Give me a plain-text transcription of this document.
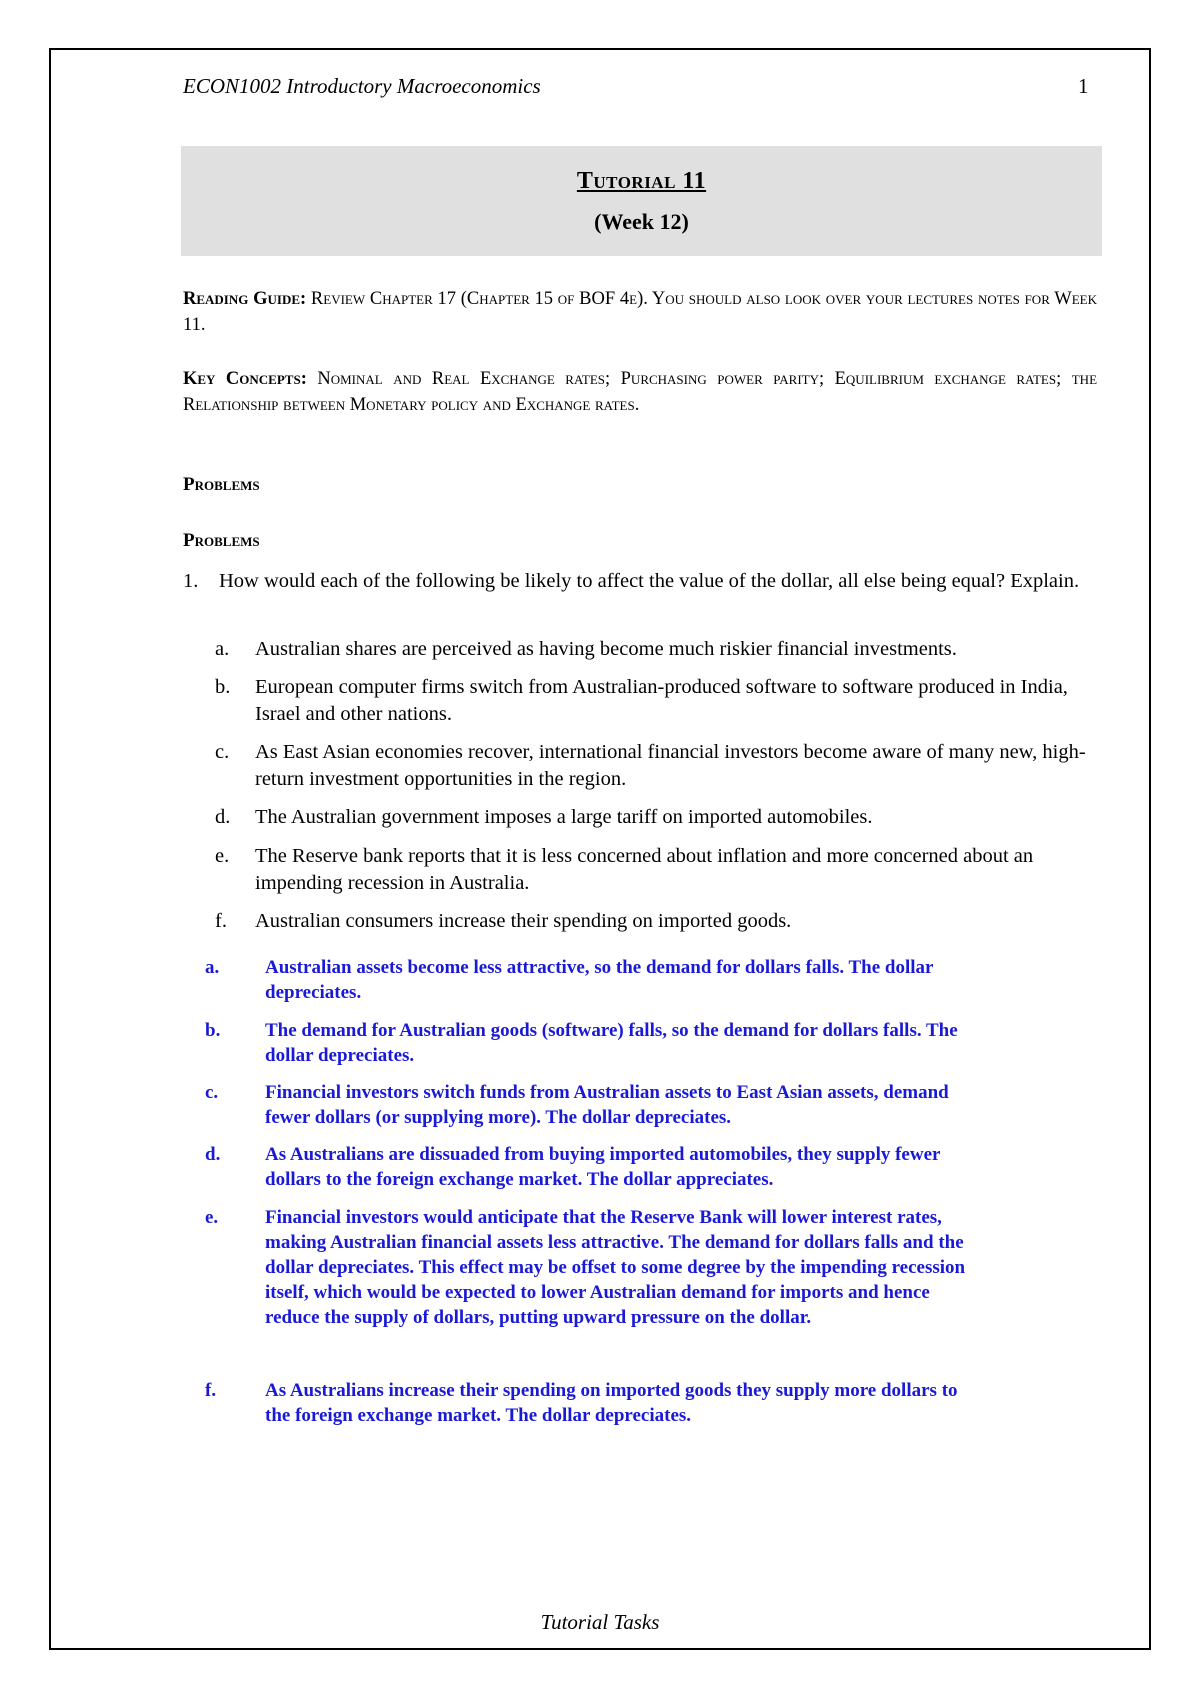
ECON1002 Introductory Macroeconomics	1
Tutorial 11
(Week 12)
Reading Guide: Review Chapter 17 (Chapter 15 of BOF 4e). You should also look over your lectures notes for Week 11.
Key Concepts: Nominal and Real Exchange rates; Purchasing power parity; Equilibrium exchange rates; the Relationship between Monetary policy and Exchange rates.
Problems
Problems
1. How would each of the following be likely to affect the value of the dollar, all else being equal? Explain.
a.	Australian shares are perceived as having become much riskier financial investments.
b.	European computer firms switch from Australian-produced software to software produced in India, Israel and other nations.
c.	As East Asian economies recover, international financial investors become aware of many new, high-return investment opportunities in the region.
d.	The Australian government imposes a large tariff on imported automobiles.
e.	The Reserve bank reports that it is less concerned about inflation and more concerned about an impending recession in Australia.
f.	Australian consumers increase their spending on imported goods.
a.	Australian assets become less attractive, so the demand for dollars falls. The dollar depreciates.
b.	The demand for Australian goods (software) falls, so the demand for dollars falls. The dollar depreciates.
c.	Financial investors switch funds from Australian assets to East Asian assets, demand fewer dollars (or supplying more). The dollar depreciates.
d.	As Australians are dissuaded from buying imported automobiles, they supply fewer dollars to the foreign exchange market. The dollar appreciates.
e.	Financial investors would anticipate that the Reserve Bank will lower interest rates, making Australian financial assets less attractive. The demand for dollars falls and the dollar depreciates. This effect may be offset to some degree by the impending recession itself, which would be expected to lower Australian demand for imports and hence reduce the supply of dollars, putting upward pressure on the dollar.
f.	As Australians increase their spending on imported goods they supply more dollars to the foreign exchange market. The dollar depreciates.
Tutorial Tasks
